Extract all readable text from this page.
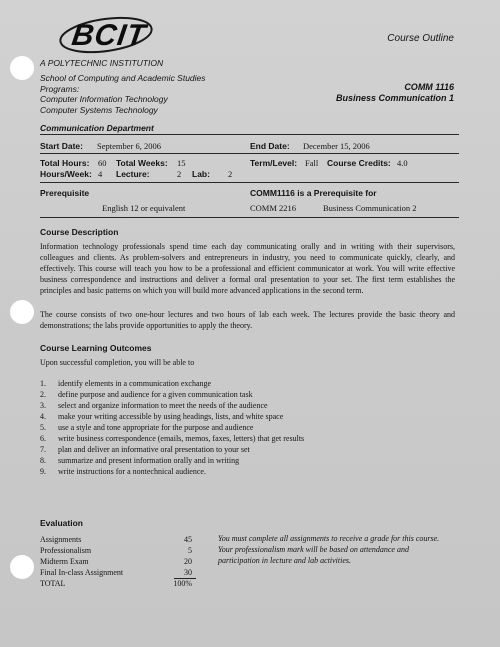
BCIT
A POLYTECHNIC INSTITUTION
Course Outline
School of Computing and Academic Studies
Programs:
Computer Information Technology
Computer Systems Technology
COMM 1116
Business Communication 1
Communication Department
Start Date: September 6, 2006	End Date: December 15, 2006
Total Hours: 60 Total Weeks: 15	Term/Level: Fall Course Credits: 4.0
Hours/Week: 4 Lecture:	2 Lab: 2
Prerequisite
English 12 or equivalent
COMM1116 is a Prerequisite for
COMM 2216	Business Communication 2
Course Description
Information technology professionals spend time each day communicating orally and in writing with their supervisors, colleagues and clients. As problem-solvers and entrepreneurs in industry, you need to communicate quickly, clearly, and effectively. This course will teach you how to be a professional and efficient communicator at work. You will write effective business correspondence and instructions and deliver a formal oral presentation to your set. The first term establishes the principles and basic patterns on which you will build more advanced applications in the second term.
The course consists of two one-hour lectures and two hours of lab each week. The lectures provide the basic theory and demonstrations; the labs provide opportunities to apply the theory.
Course Learning Outcomes
Upon successful completion, you will be able to
1. identify elements in a communication exchange
2. define purpose and audience for a given communication task
3. select and organize information to meet the needs of the audience
4. make your writing accessible by using headings, lists, and white space
5. use a style and tone appropriate for the purpose and audience
6. write business correspondence (emails, memos, faxes, letters) that get results
7. plan and deliver an informative oral presentation to your set
8. summarize and present information orally and in writing
9. write instructions for a nontechnical audience.
Evaluation
Assignments	45
Professionalism	5
Midterm Exam	20
Final In-class Assignment	30
TOTAL	100%
You must complete all assignments to receive a grade for this course. Your professionalism mark will be based on attendance and participation in lecture and lab activities.
